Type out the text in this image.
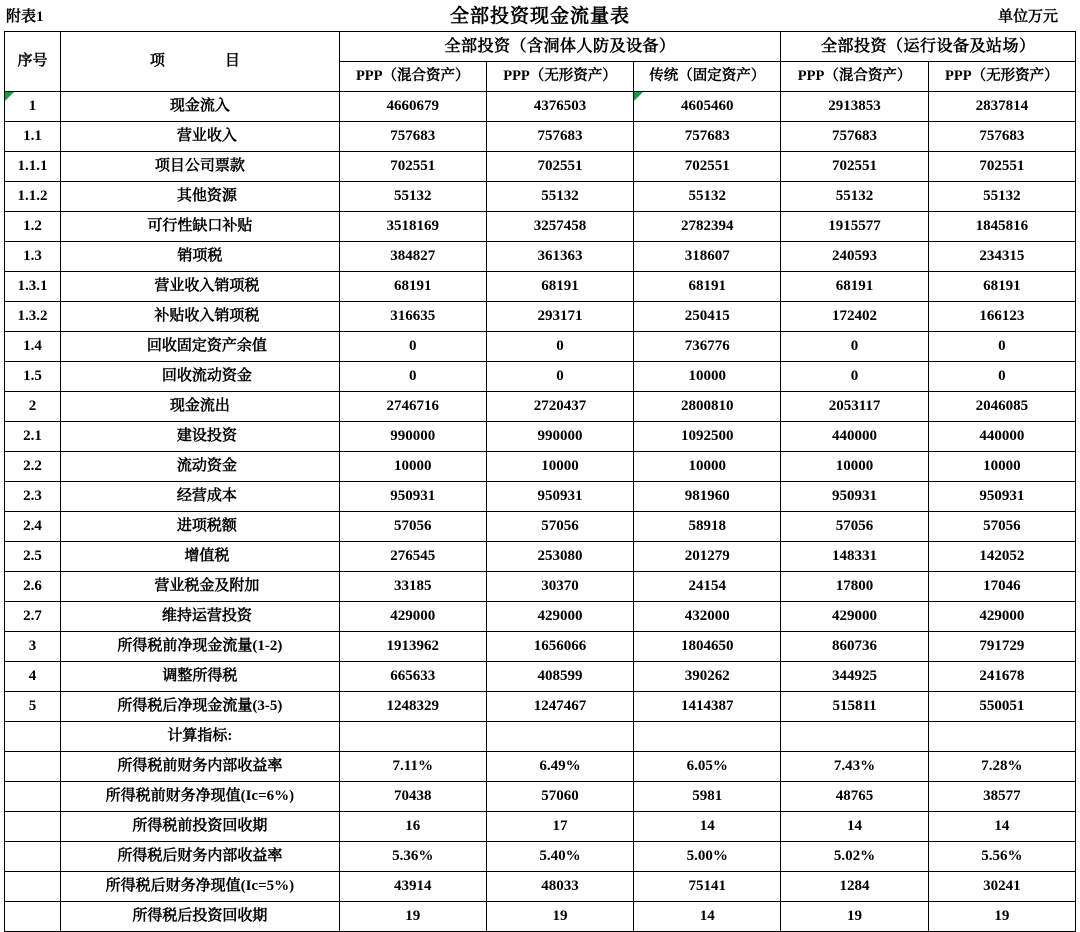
附表1	全部投资现金流量表	单位万元
序号	项　　目	全部投资（含洞体人防及设备）			全部投资（运行设备及站场）	
		PPP（混合资产）	PPP（无形资产）	传统（固定资产）	PPP（混合资产）	PPP（无形资产）
1	现金流入	4660679	4376503	4605460	2913853	2837814
1.1	营业收入	757683	757683	757683	757683	757683
1.1.1	项目公司票款	702551	702551	702551	702551	702551
1.1.2	其他资源	55132	55132	55132	55132	55132
1.2	可行性缺口补贴	3518169	3257458	2782394	1915577	1845816
1.3	销项税	384827	361363	318607	240593	234315
1.3.1	营业收入销项税	68191	68191	68191	68191	68191
1.3.2	补贴收入销项税	316635	293171	250415	172402	166123
1.4	回收固定资产余值	0	0	736776	0	0
1.5	回收流动资金	0	0	10000	0	0
2	现金流出	2746716	2720437	2800810	2053117	2046085
2.1	建设投资	990000	990000	1092500	440000	440000
2.2	流动资金	10000	10000	10000	10000	10000
2.3	经营成本	950931	950931	981960	950931	950931
2.4	进项税额	57056	57056	58918	57056	57056
2.5	增值税	276545	253080	201279	148331	142052
2.6	营业税金及附加	33185	30370	24154	17800	17046
2.7	维持运营投资	429000	429000	432000	429000	429000
3	所得税前净现金流量(1-2)	1913962	1656066	1804650	860736	791729
4	调整所得税	665633	408599	390262	344925	241678
5	所得税后净现金流量(3-5)	1248329	1247467	1414387	515811	550051
	计算指标:					
	所得税前财务内部收益率	7.11%	6.49%	6.05%	7.43%	7.28%
	所得税前财务净现值(Ic=6%)	70438	57060	5981	48765	38577
	所得税前投资回收期	16	17	14	14	14
	所得税后财务内部收益率	5.36%	5.40%	5.00%	5.02%	5.56%
	所得税后财务净现值(Ic=5%)	43914	48033	75141	1284	30241
	所得税后投资回收期	19	19	14	19	19
